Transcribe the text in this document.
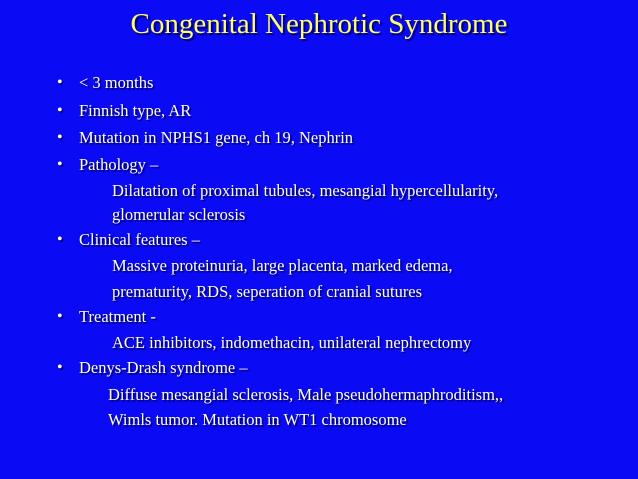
Congenital Nephrotic Syndrome
• < 3 months
• Finnish type, AR
• Mutation in NPHS1 gene, ch 19, Nephrin
• Pathology –
Dilatation of proximal tubules, mesangial hypercellularity,
glomerular sclerosis
• Clinical features –
Massive proteinuria, large placenta, marked edema,
prematurity, RDS, seperation of cranial sutures
• Treatment -
ACE inhibitors, indomethacin, unilateral nephrectomy
• Denys-Drash syndrome –
Diffuse mesangial sclerosis, Male pseudohermaphroditism,,
Wimls tumor. Mutation in WT1 chromosome
